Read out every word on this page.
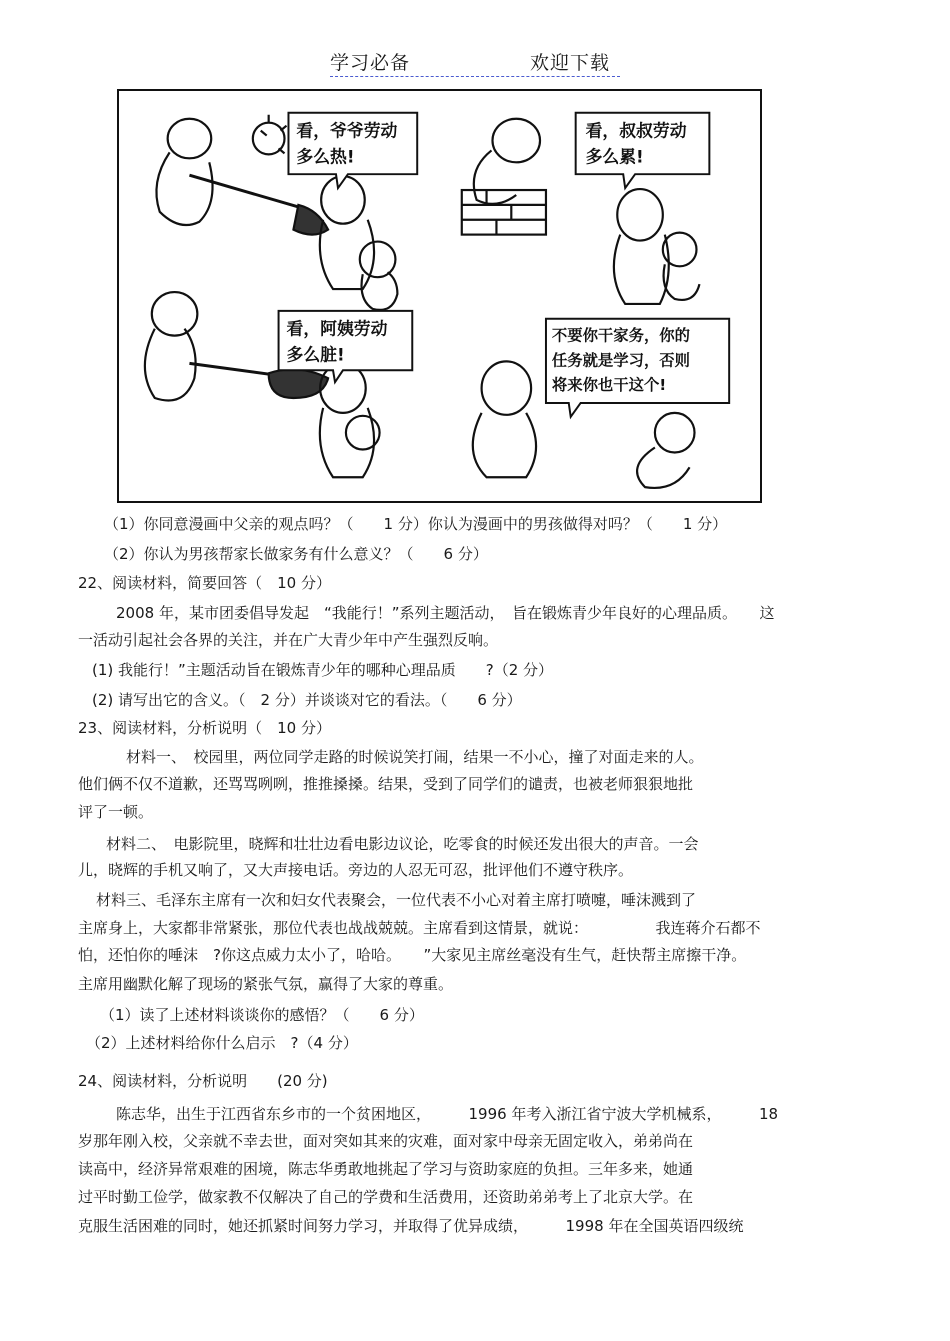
学习必备	欢迎下载
看，爷爷劳动
多么热!
看，叔叔劳动
多么累!
看，阿姨劳动
多么脏!
不要你干家务，你的
任务就是学习，否则
将来你也干这个!
（1）你同意漫画中父亲的观点吗？（　　1 分）你认为漫画中的男孩做得对吗？（　　1 分）
（2）你认为男孩帮家长做家务有什么意义？（　　6 分）
22、阅读材料，简要回答（　10 分）
2008 年，某市团委倡导发起　“我能行！”系列主题活动，　旨在锻炼青少年良好的心理品质。　　这
一活动引起社会各界的关注，并在广大青少年中产生强烈反响。
(1) 我能行！”主题活动旨在锻炼青少年的哪种心理品质　　?（2 分）
(2) 请写出它的含义。（　2 分）并谈谈对它的看法。（　　6 分）
23、阅读材料，分析说明（　10 分）
材料一、　校园里，两位同学走路的时候说笑打闹，结果一不小心，撞了对面走来的人。
他们俩不仅不道歉，还骂骂咧咧，推推搡搡。结果，受到了同学们的谴责，也被老师狠狠地批
评了一顿。
材料二、　电影院里，晓辉和壮壮边看电影边议论，吃零食的时候还发出很大的声音。一会
儿，晓辉的手机又响了，又大声接电话。旁边的人忍无可忍，批评他们不遵守秩序。
材料三、毛泽东主席有一次和妇女代表聚会，一位代表不小心对着主席打喷嚏，唾沫溅到了
主席身上，大家都非常紧张，那位代表也战战兢兢。主席看到这情景，就说：　　　　　我连蒋介石都不
怕，还怕你的唾沫　?你这点威力太小了，哈哈。　　”大家见主席丝毫没有生气，赶快帮主席擦干净。
主席用幽默化解了现场的紧张气氛，赢得了大家的尊重。
（1）读了上述材料谈谈你的感悟？（　　6 分）
（2）上述材料给你什么启示　?（4 分）
24、阅读材料，分析说明　　(20 分)
陈志华，出生于江西省东乡市的一个贫困地区，　　　1996 年考入浙江省宁波大学机械系，　　　18
岁那年刚入校，父亲就不幸去世，面对突如其来的灾难，面对家中母亲无固定收入，弟弟尚在
读高中，经济异常艰难的困境，陈志华勇敢地挑起了学习与资助家庭的负担。三年多来，她通
过平时勤工俭学，做家教不仅解决了自己的学费和生活费用，还资助弟弟考上了北京大学。在
克服生活困难的同时，她还抓紧时间努力学习，并取得了优异成绩，　　　1998 年在全国英语四级统
